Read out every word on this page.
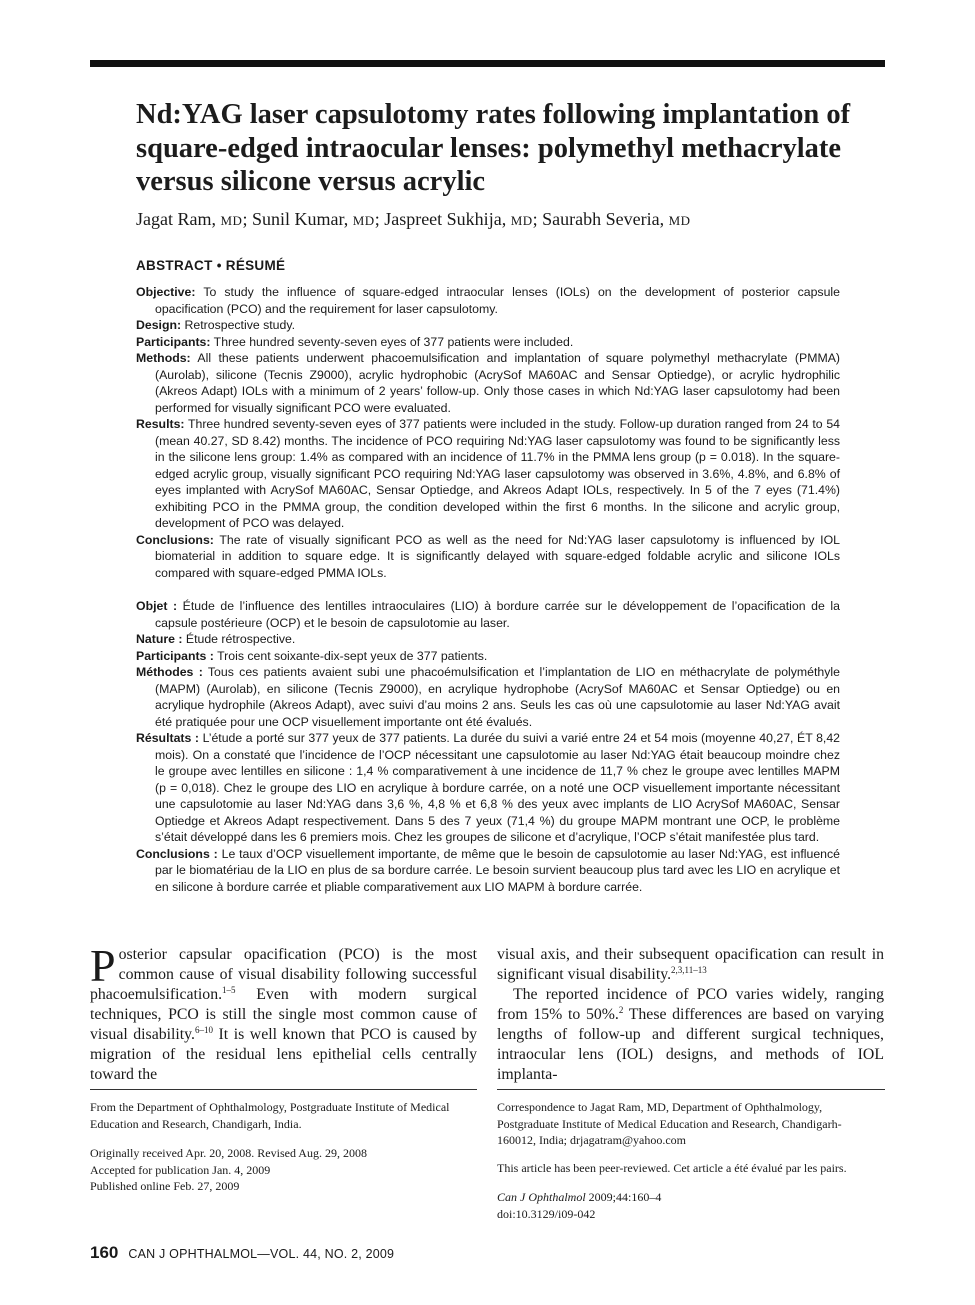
Nd:YAG laser capsulotomy rates following implantation of square-edged intraocular lenses: polymethyl methacrylate versus silicone versus acrylic
Jagat Ram, MD; Sunil Kumar, MD; Jaspreet Sukhija, MD; Saurabh Severia, MD
ABSTRACT • RÉSUMÉ

Objective: To study the influence of square-edged intraocular lenses (IOLs) on the development of posterior capsule opacification (PCO) and the requirement for laser capsulotomy.

Design: Retrospective study.

Participants: Three hundred seventy-seven eyes of 377 patients were included.

Methods: All these patients underwent phacoemulsification and implantation of square polymethyl methacrylate (PMMA) (Aurolab), silicone (Tecnis Z9000), acrylic hydrophobic (AcrySof MA60AC and Sensar Optiedge), or acrylic hydrophilic (Akreos Adapt) IOLs with a minimum of 2 years’ follow-up. Only those cases in which Nd:YAG laser capsulotomy had been performed for visually significant PCO were evaluated.

Results: Three hundred seventy-seven eyes of 377 patients were included in the study. Follow-up duration ranged from 24 to 54 (mean 40.27, SD 8.42) months. The incidence of PCO requiring Nd:YAG laser capsulotomy was found to be significantly less in the silicone lens group: 1.4% as compared with an incidence of 11.7% in the PMMA lens group (p = 0.018). In the square-edged acrylic group, visually significant PCO requiring Nd:YAG laser capsulotomy was observed in 3.6%, 4.8%, and 6.8% of eyes implanted with AcrySof MA60AC, Sensar Optiedge, and Akreos Adapt IOLs, respectively. In 5 of the 7 eyes (71.4%) exhibiting PCO in the PMMA group, the condition developed within the first 6 months. In the silicone and acrylic group, development of PCO was delayed.

Conclusions: The rate of visually significant PCO as well as the need for Nd:YAG laser capsulotomy is influenced by IOL biomaterial in addition to square edge. It is significantly delayed with square-edged foldable acrylic and silicone IOLs compared with square-edged PMMA IOLs.

Objet : Étude de l’influence des lentilles intraoculaires (LIO) à bordure carrée sur le développement de l’opacification de la capsule postérieure (OCP) et le besoin de capsulotomie au laser.

Nature : Étude rétrospective.

Participants : Trois cent soixante-dix-sept yeux de 377 patients.

Méthodes : Tous ces patients avaient subi une phacoémulsification et l’implantation de LIO en méthacrylate de polyméthyle (MAPM) (Aurolab), en silicone (Tecnis Z9000), en acrylique hydrophobe (AcrySof MA60AC et Sensar Optiedge) ou en acrylique hydrophile (Akreos Adapt), avec suivi d’au moins 2 ans. Seuls les cas où une capsulotomie au laser Nd:YAG avait été pratiquée pour une OCP visuellement importante ont été évalués.

Résultats : L’étude a porté sur 377 yeux de 377 patients. La durée du suivi a varié entre 24 et 54 mois (moyenne 40,27, ÉT 8,42 mois). On a constaté que l’incidence de l’OCP nécessitant une capsulotomie au laser Nd:YAG était beaucoup moindre chez le groupe avec lentilles en silicone : 1,4 % comparativement à une incidence de 11,7 % chez le groupe avec lentilles MAPM (p = 0,018). Chez le groupe des LIO en acrylique à bordure carrée, on a noté une OCP visuellement importante nécessitant une capsulotomie au laser Nd:YAG dans 3,6 %, 4,8 % et 6,8 % des yeux avec implants de LIO AcrySof MA60AC, Sensar Optiedge et Akreos Adapt respectivement. Dans 5 des 7 yeux (71,4 %) du groupe MAPM montrant une OCP, le problème s’était développé dans les 6 premiers mois. Chez les groupes de silicone et d’acrylique, l’OCP s’était manifestée plus tard.

Conclusions : Le taux d’OCP visuellement importante, de même que le besoin de capsulotomie au laser Nd:YAG, est influencé par le biomatériau de la LIO en plus de sa bordure carrée. Le besoin survient beaucoup plus tard avec les LIO en acrylique et en silicone à bordure carrée et pliable comparativement aux LIO MAPM à bordure carrée.

Posterior capsular opacification (PCO) is the most common cause of visual disability following successful phacoemulsification.$^{1-5}$ Even with modern surgical techniques, PCO is still the single most common cause of visual disability.$^{6-10}$ It is well known that PCO is caused by migration of the residual lens epithelial cells centrally toward the

visual axis, and their subsequent opacification can result in significant visual disability.$^{2,3,11-13}$

The reported incidence of PCO varies widely, ranging from 15% to 50%.$^2$ These differences are based on varying lengths of follow-up and different surgical techniques, intraocular lens (IOL) designs, and methods of IOL implanta-

From the Department of Ophthalmology, Postgraduate Institute of Medical Education and Research, Chandigarh, India.

Originally received Apr. 20, 2008. Revised Aug. 29, 2008

Accepted for publication Jan. 4, 2009

Published online Feb. 27, 2009

Correspondence to Jagat Ram, MD, Department of Ophthalmology, Postgraduate Institute of Medical Education and Research, Chandigarh-160012, India; drjagatram@yahoo.com

This article has been peer-reviewed. Cet article a été évalué par les pairs.

Can J Ophthalmol 2009;44:160–4

doi:10.3129/i09-042

160 CAN J OPHTHALMOL—VOL. 44, NO. 2, 2009
